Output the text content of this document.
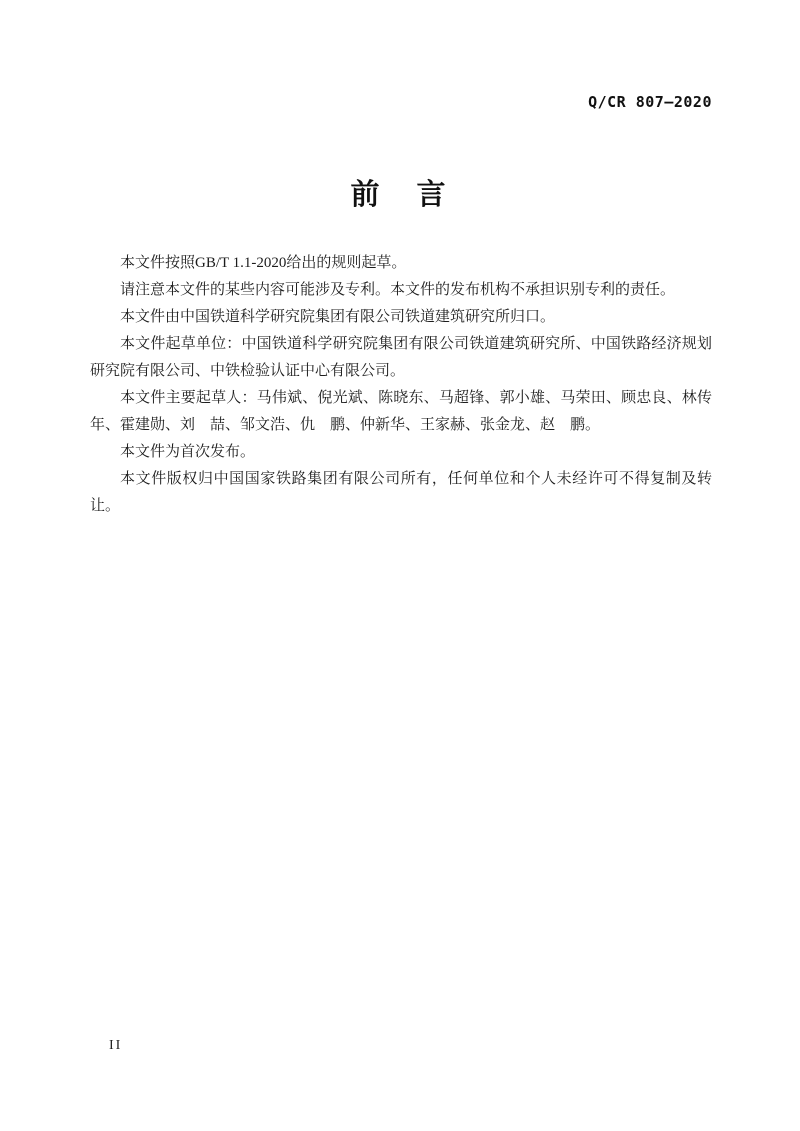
Q/CR 807—2020
前　言

本文件按照GB/T 1.1-2020给出的规则起草。

请注意本文件的某些内容可能涉及专利。本文件的发布机构不承担识别专利的责任。

本文件由中国铁道科学研究院集团有限公司铁道建筑研究所归口。

本文件起草单位：中国铁道科学研究院集团有限公司铁道建筑研究所、中国铁路经济规划研究院有限公司、中铁检验认证中心有限公司。

本文件主要起草人：马伟斌、倪光斌、陈晓东、马超锋、郭小雄、马荣田、顾忠良、林传年、霍建勋、刘　喆、邹文浩、仇　鹏、仲新华、王家赫、张金龙、赵　鹏。

本文件为首次发布。

本文件版权归中国国家铁路集团有限公司所有，任何单位和个人未经许可不得复制及转让。

II
